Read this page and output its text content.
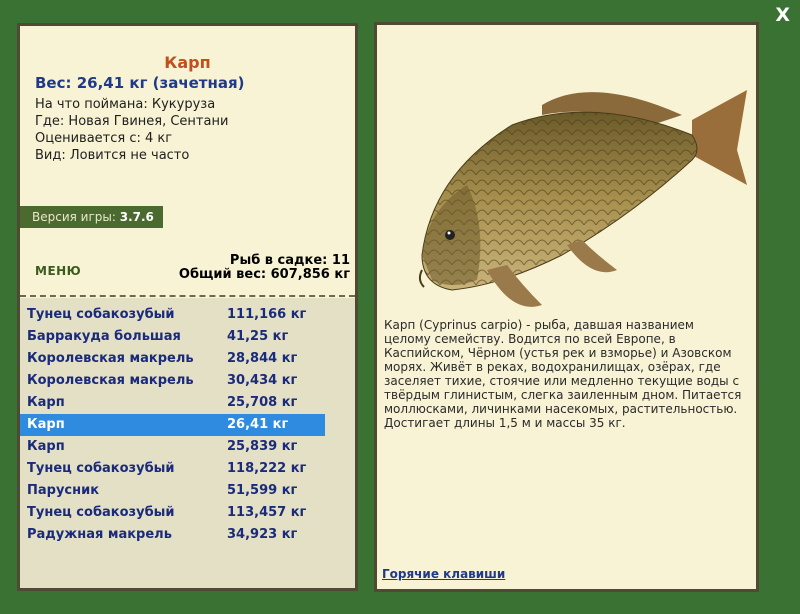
X
Карп
Вес: 26,41 кг (зачетная)
На что поймана: Кукуруза
Где: Новая Гвинея, Сентани
Оценивается с: 4 кг
Вид: Ловится не часто
Версия игры: 3.7.6
МЕНЮ
Рыб в садке: 11
Общий вес: 607,856 кг
Тунец собакозубый	111,166 кг
Барракуда большая	41,25 кг
Королевская макрель	28,844 кг
Королевская макрель	30,434 кг
Карп	25,708 кг
Карп	26,41 кг
Карп	25,839 кг
Тунец собакозубый	118,222 кг
Парусник	51,599 кг
Тунец собакозубый	113,457 кг
Радужная макрель	34,923 кг
Карп (Cyprinus carpio) - рыба, давшая названием целому семейству. Водится по всей Европе, в Каспийском, Чёрном (устья рек и взморье) и Азовском морях. Живёт в реках, водохранилищах, озёрах, где заселяет тихие, стоячие или медленно текущие воды с твёрдым глинистым, слегка заиленным дном. Питается моллюсками, личинками насекомых, растительностью. Достигает длины 1,5 м и массы 35 кг.
Горячие клавиши
